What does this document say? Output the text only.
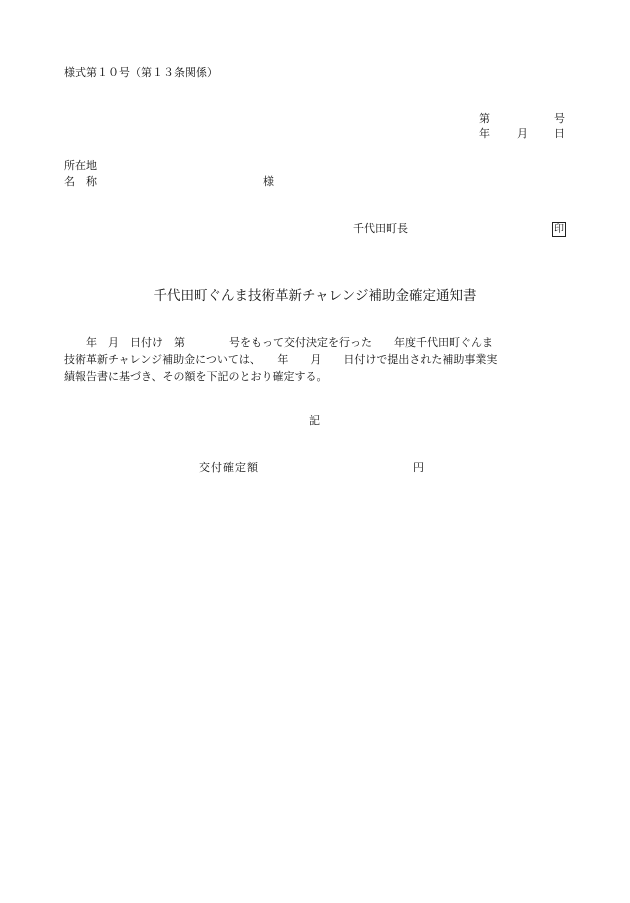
様式第１０号（第１３条関係）
第	号
年 月 日
所在地
名　称	様
千代田町長	印
千代田町ぐんま技術革新チャレンジ補助金確定通知書
　　年　月　日付け　第　　　　号をもって交付決定を行った　　年度千代田町ぐんま
技術革新チャレンジ補助金については、　　年　　月　　日付けで提出された補助事業実
績報告書に基づき、その額を下記のとおり確定する。
記
交付確定額	円
